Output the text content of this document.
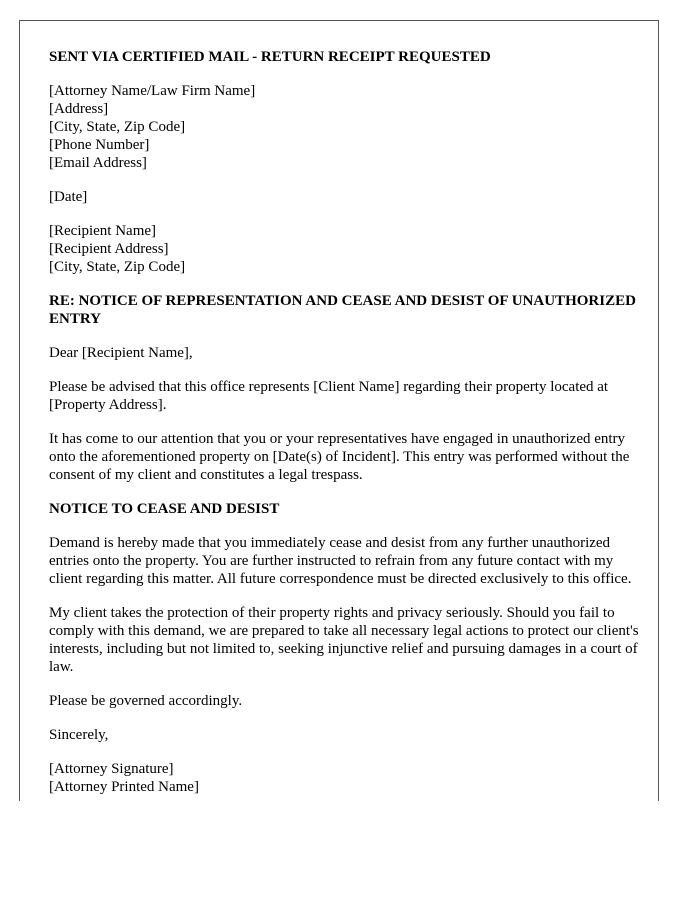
SENT VIA CERTIFIED MAIL - RETURN RECEIPT REQUESTED

[Attorney Name/Law Firm Name]
[Address]
[City, State, Zip Code]
[Phone Number]
[Email Address]

[Date]

[Recipient Name]
[Recipient Address]
[City, State, Zip Code]

RE: NOTICE OF REPRESENTATION AND CEASE AND DESIST OF UNAUTHORIZED ENTRY

Dear [Recipient Name],

Please be advised that this office represents [Client Name] regarding their property located at [Property Address].

It has come to our attention that you or your representatives have engaged in unauthorized entry onto the aforementioned property on [Date(s) of Incident]. This entry was performed without the consent of my client and constitutes a legal trespass.

NOTICE TO CEASE AND DESIST

Demand is hereby made that you immediately cease and desist from any further unauthorized entries onto the property. You are further instructed to refrain from any future contact with my client regarding this matter. All future correspondence must be directed exclusively to this office.

My client takes the protection of their property rights and privacy seriously. Should you fail to comply with this demand, we are prepared to take all necessary legal actions to protect our client's interests, including but not limited to, seeking injunctive relief and pursuing damages in a court of law.

Please be governed accordingly.

Sincerely,

[Attorney Signature]
[Attorney Printed Name]
